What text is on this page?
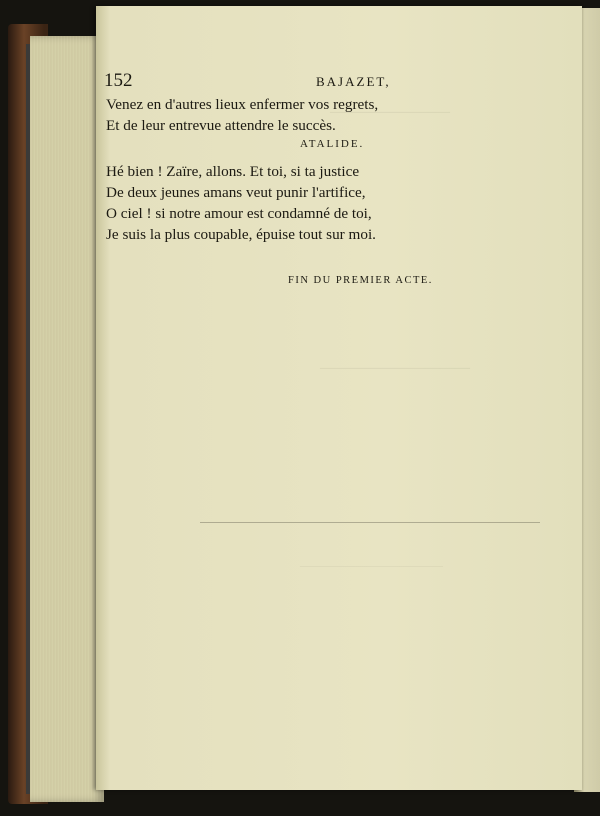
————————
——————————
—————————————
152	BAJAZET,
Venez en d'autres lieux enfermer vos regrets,
Et de leur entrevue attendre le succès.
ATALIDE.
Hé bien ! Zaïre, allons. Et toi, si ta justice
De deux jeunes amans veut punir l'artifice,
O ciel ! si notre amour est condamné de toi,
Je suis la plus coupable, épuise tout sur moi.
FIN DU PREMIER ACTE.
